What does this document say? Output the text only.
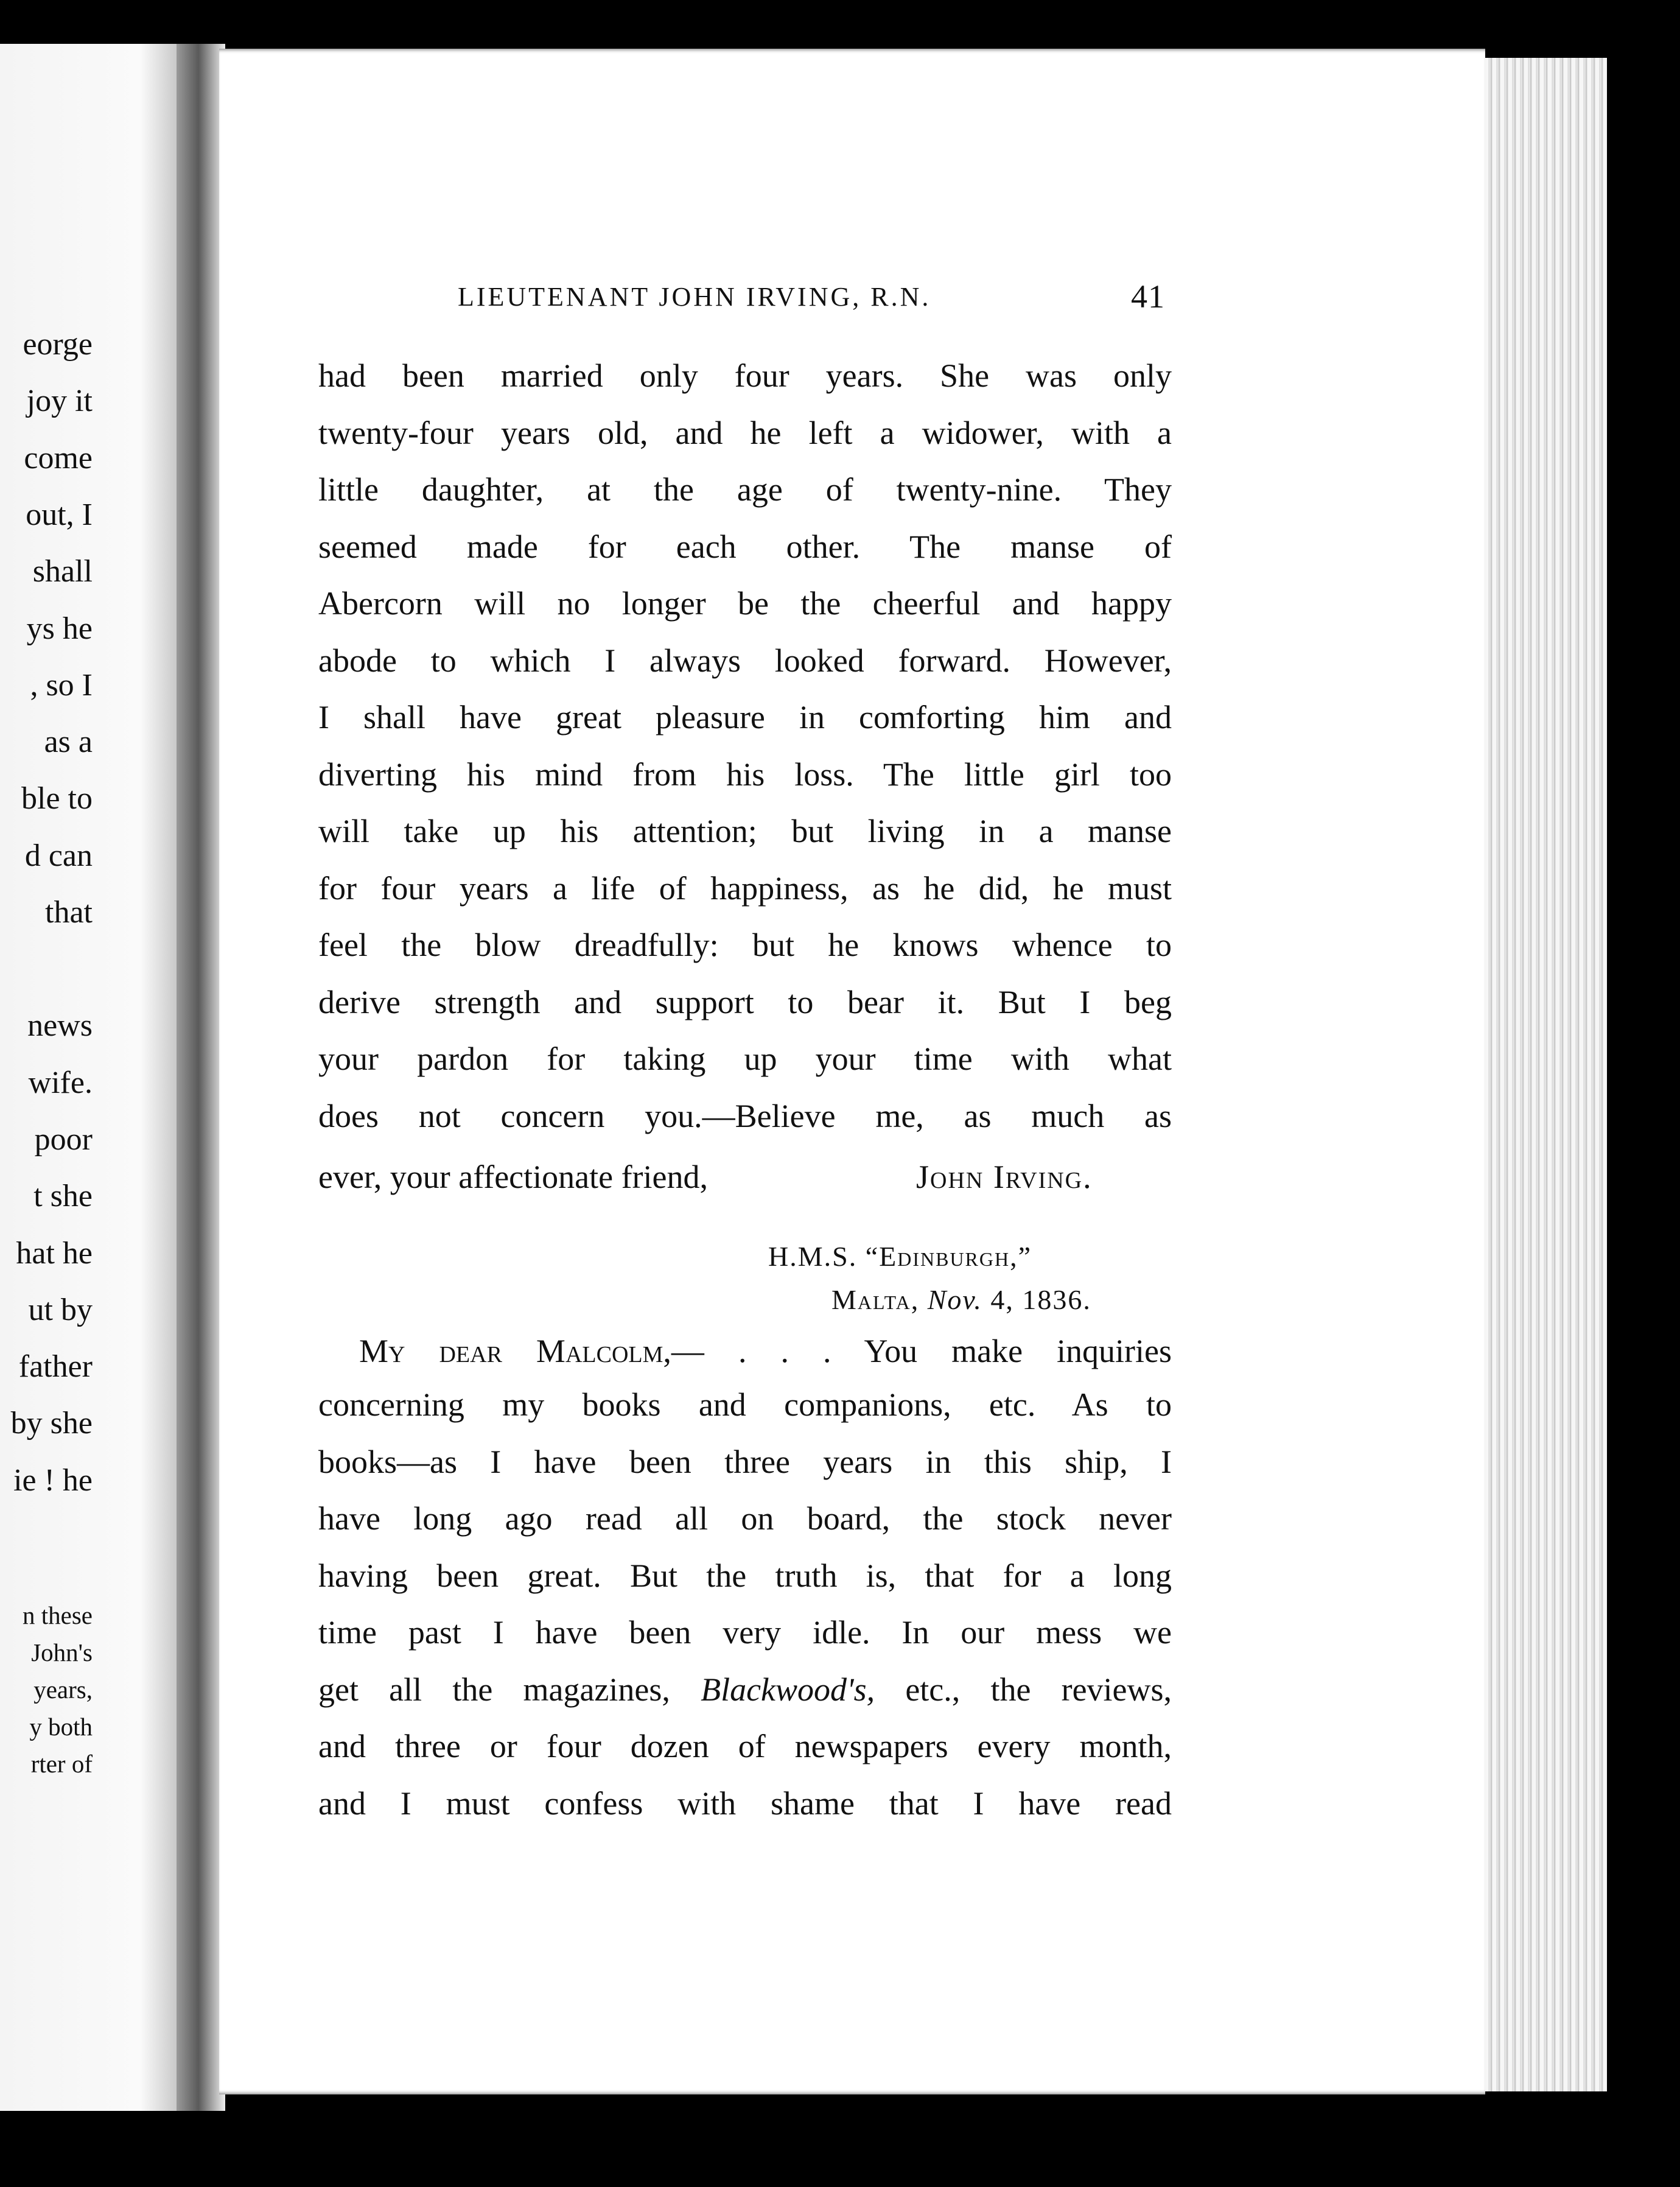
eorge
joy it
come
out, I
shall
ys he
, so I
as a
ble to
d can
that
news
wife.
poor
t she
hat he
ut by
father
by she
ie ! he
n these
John's
years,
y both
rter of
LIEUTENANT JOHN IRVING, R.N.	41
had been married only four years. She was only
twenty-four years old, and he left a widower, with a
little daughter, at the age of twenty-nine. They
seemed made for each other. The manse of
Abercorn will no longer be the cheerful and happy
abode to which I always looked forward. However,
I shall have great pleasure in comforting him and
diverting his mind from his loss. The little girl too
will take up his attention; but living in a manse
for four years a life of happiness, as he did, he must
feel the blow dreadfully: but he knows whence to
derive strength and support to bear it. But I beg
your pardon for taking up your time with what
does not concern you.—Believe me, as much as
ever, your affectionate friend,	John Irving.
H.M.S. “Edinburgh,”
Malta, Nov. 4, 1836.
My dear Malcolm,— . . . You make inquiries
concerning my books and companions, etc. As to
books—as I have been three years in this ship, I
have long ago read all on board, the stock never
having been great. But the truth is, that for a long
time past I have been very idle. In our mess we
get all the magazines, Blackwood's, etc., the reviews,
and three or four dozen of newspapers every month,
and I must confess with shame that I have read
